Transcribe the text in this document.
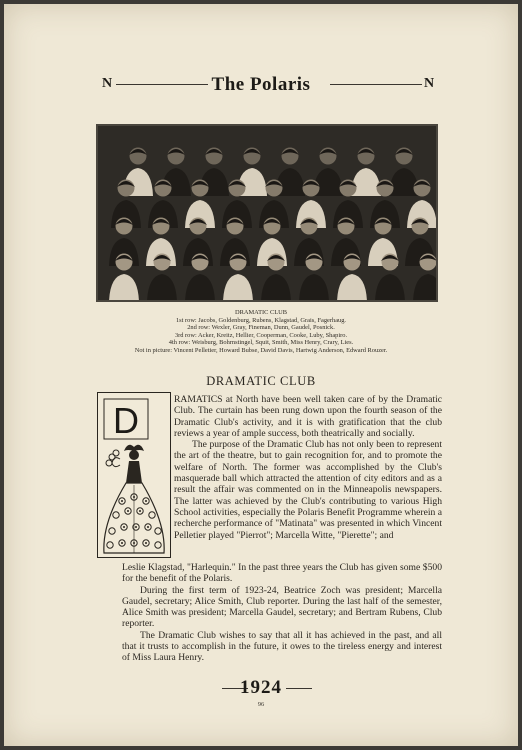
N	The Polaris	N
DRAMATIC CLUB
1st row: Jacobs, Goldenburg, Rubens, Klagstad, Grais, Fagerhaug.
2nd row: Wexler, Gray, Fineman, Dunn, Gaudel, Posnick.
3rd row: Acker, Kreitz, Hellier, Cooperman, Cooke, Luby, Shapiro.
4th row: Weisburg, Bohrnstingel, Squit, Smith, Miss Henry, Crary, Lies.
Not in picture: Vincent Pelletier, Howard Bubse, David Davis, Hartwig Anderson, Edward Rouzer.
DRAMATIC CLUB
D

RAMATICS at North have been well taken care of by the Dramatic Club. The curtain has been rung down upon the fourth season of the Dramatic Club's activity, and it is with gratification that the club reviews a year of ample success, both theatrically and socially.

The purpose of the Dramatic Club has not only been to represent the art of the theatre, but to gain recognition for, and to promote the welfare of North. The former was accomplished by the Club's masquerade ball which attracted the attention of city editors and as a result the affair was commented on in the Minneapolis newspapers. The latter was achieved by the Club's contributing to various High School activities, especially the Polaris Benefit Programme wherein a recherche performance of "Matinata" was presented in which Vincent Pelletier played "Pierrot"; Marcella Witte, "Pierette"; and

Leslie Klagstad, "Harlequin." In the past three years the Club has given some $500 for the benefit of the Polaris.

During the first term of 1923-24, Beatrice Zoch was president; Marcella Gaudel, secretary; Alice Smith, Club reporter. During the last half of the semester, Alice Smith was president; Marcella Gaudel, secretary; and Bertram Rubens, Club reporter.

The Dramatic Club wishes to say that all it has achieved in the past, and all that it trusts to accomplish in the future, it owes to the tireless energy and interest of Miss Laura Henry.

1924
96
